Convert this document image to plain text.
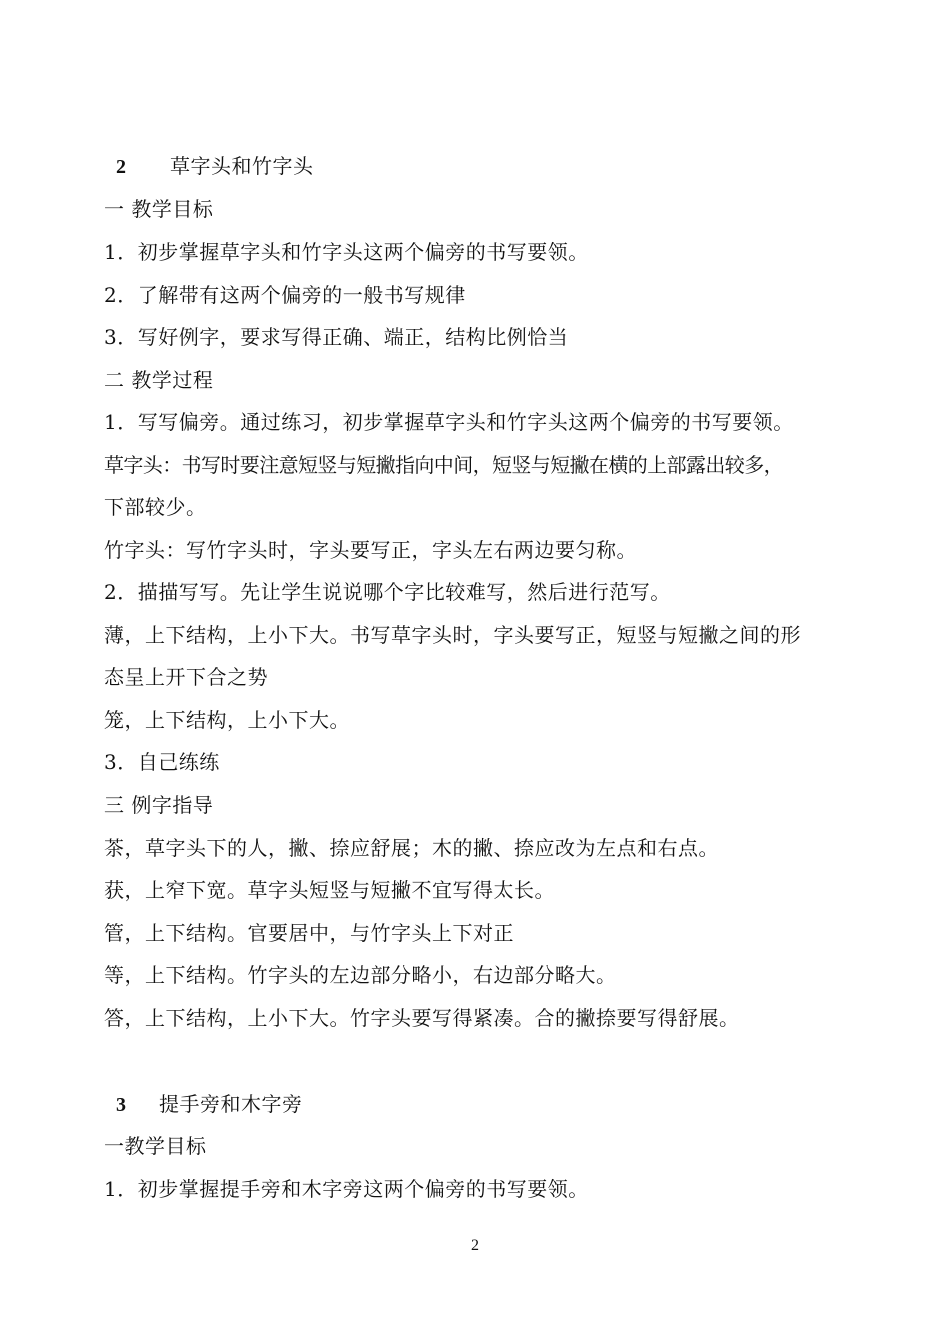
2 草字头和竹字头
一 教学目标
1．初步掌握草字头和竹字头这两个偏旁的书写要领。
2．了解带有这两个偏旁的一般书写规律
3．写好例字，要求写得正确、端正，结构比例恰当
二 教学过程
1．写写偏旁。通过练习，初步掌握草字头和竹字头这两个偏旁的书写要领。
草字头：书写时要注意短竖与短撇指向中间，短竖与短撇在横的上部露出较多，
下部较少。
竹字头：写竹字头时，字头要写正，字头左右两边要匀称。
2．描描写写。先让学生说说哪个字比较难写，然后进行范写。
薄，上下结构，上小下大。书写草字头时，字头要写正，短竖与短撇之间的形
态呈上开下合之势
笼，上下结构，上小下大。
3．自己练练
三 例字指导
茶，草字头下的人，撇、捺应舒展；木的撇、捺应改为左点和右点。
获，上窄下宽。草字头短竖与短撇不宜写得太长。
管，上下结构。官要居中，与竹字头上下对正
等，上下结构。竹字头的左边部分略小，右边部分略大。
答，上下结构，上小下大。竹字头要写得紧凑。合的撇捺要写得舒展。
3 提手旁和木字旁
一教学目标
1．初步掌握提手旁和木字旁这两个偏旁的书写要领。
2
